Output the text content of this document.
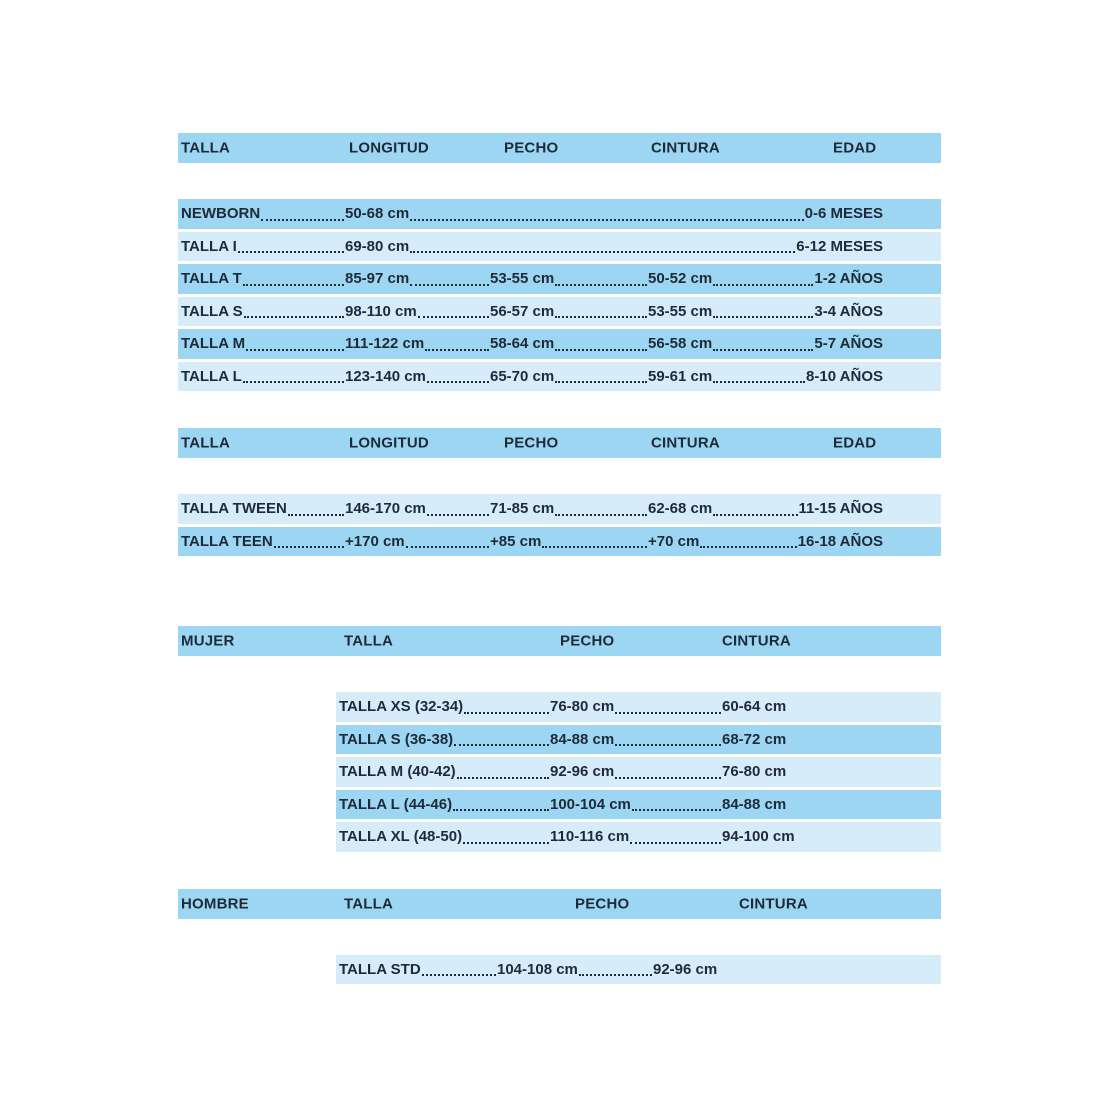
TALLA	LONGITUD	PECHO	CINTURA	EDAD
NEWBORN	50-68 cm	0-6 MESES
TALLA I	69-80 cm	6-12 MESES
TALLA T	85-97 cm	53-55 cm	50-52 cm	1-2 AÑOS
TALLA S	98-110 cm	56-57 cm	53-55 cm	3-4 AÑOS
TALLA M	111-122 cm	58-64 cm	56-58 cm	5-7 AÑOS
TALLA L	123-140 cm	65-70 cm	59-61 cm	8-10 AÑOS
TALLA	LONGITUD	PECHO	CINTURA	EDAD
TALLA TWEEN	146-170 cm	71-85 cm	62-68 cm	11-15 AÑOS
TALLA TEEN	+170 cm	+85 cm	+70 cm	16-18 AÑOS
MUJER	TALLA	PECHO	CINTURA
TALLA XS (32-34)	76-80 cm	60-64 cm
TALLA S (36-38)	84-88 cm	68-72 cm
TALLA M (40-42)	92-96 cm	76-80 cm
TALLA L (44-46)	100-104 cm	84-88 cm
TALLA XL (48-50)	110-116 cm	94-100 cm
HOMBRE	TALLA	PECHO	CINTURA
TALLA STD	104-108 cm	92-96 cm
